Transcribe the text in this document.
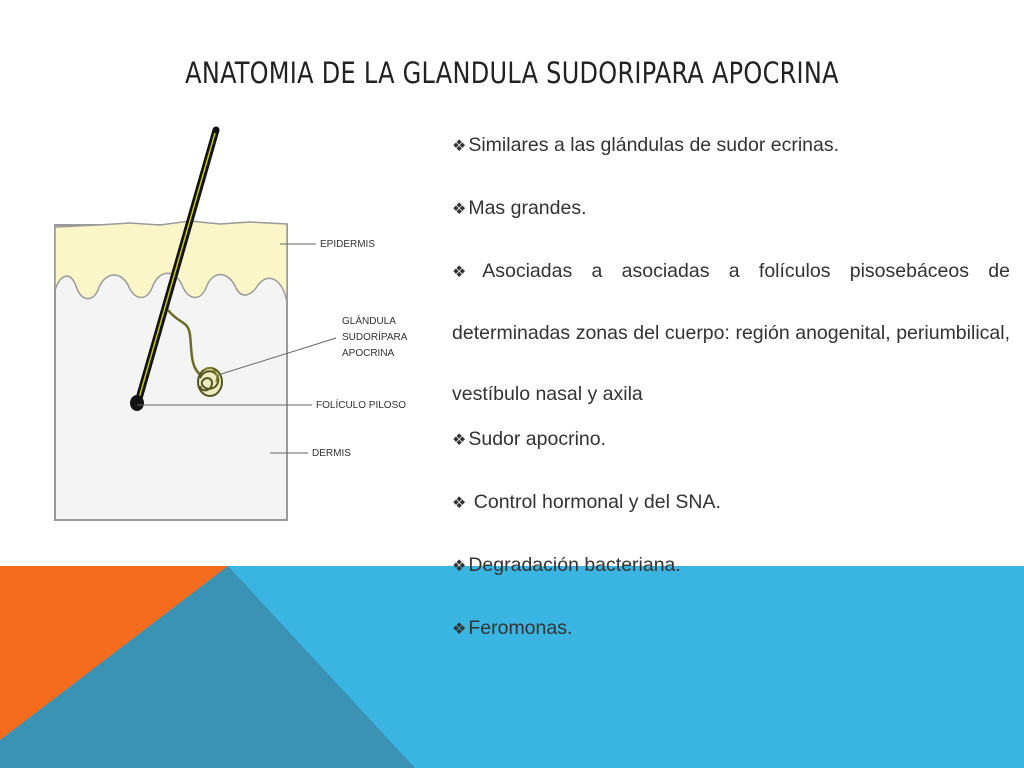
ANATOMIA DE LA GLANDULA SUDORIPARA APOCRINA
EPIDERMIS
GLÁNDULA
SUDORÍPARA
APOCRINA
FOLÍCULO PILOSO
DERMIS
❖ Similares a las glándulas de sudor ecrinas.
❖ Mas grandes.
❖ Asociadas a asociadas a folículos pisosebáceos de determinadas zonas del cuerpo: región anogenital, periumbilical, vestíbulo nasal y axila
❖ Sudor apocrino.
❖ Control hormonal y del SNA.
❖ Degradación bacteriana.
❖ Feromonas.
